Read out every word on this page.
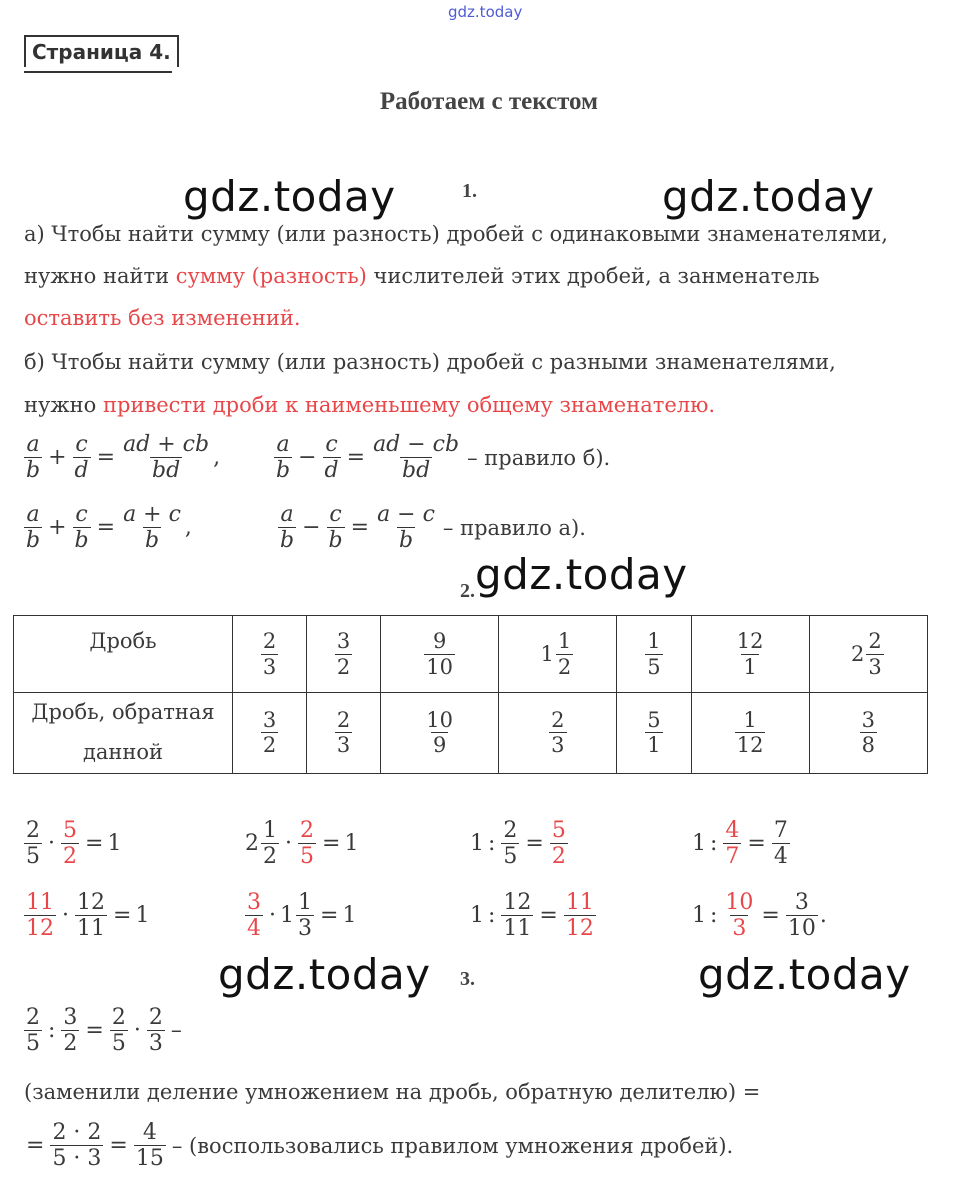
gdz.today
Страница 4.
Работаем с текстом
gdz.today	gdz.today
gdz.today
gdz.today	gdz.today
1.
а) Чтобы найти сумму (или разность) дробей с одинаковыми знаменателями,
нужно найти сумму (разность) числителей этих дробей, а занменатель
оставить без изменений.
б) Чтобы найти сумму (или разность) дробей с разными знаменателями,
нужно привести дроби к наименьшему общему знаменателю.
$\frac{a}{b} + \frac{c}{d} = \frac{ad + cb}{bd}$ , $\frac{a}{b} - \frac{c}{d} = \frac{ad - cb}{bd}$ – правило б).
$\frac{a}{b} + \frac{c}{b} = \frac{a + c}{b}$ ,	$\frac{a}{b} - \frac{c}{b} = \frac{a - c}{b}$ – правило а).
2.
Дробь	$\frac{2}{3}$	$\frac{3}{2}$	$\frac{9}{10}$	$1 \frac{1}{2}$	$\frac{1}{5}$	$\frac{12}{1}$	$2 \frac{2}{3}$

Дробь, обратная
данной	$\frac{3}{2}$	$\frac{2}{3}$	$\frac{10}{9}$	$\frac{2}{3}$	$\frac{5}{1}$	$\frac{1}{12}$	$\frac{3}{8}$
$\frac{2}{5} \cdot \frac{5}{2} = 1$	$2 \frac{1}{2} \cdot \frac{2}{5} = 1$	1 : $\frac{2}{5} = \frac{5}{2}$	1 : $\frac{4}{7} = \frac{7}{4}$
$\frac{11}{12} \cdot \frac{12}{11} = 1$	$\frac{3}{4} \cdot 1 \frac{1}{3} = 1$	1 : $\frac{12}{11} = \frac{11}{12}$	1 : $\frac{10}{3} = \frac{3}{10}$ .
3.
$\frac{2}{5}$ : $\frac{3}{2} = \frac{2}{5} \cdot \frac{2}{3}$ –
(заменили деление умножением на дробь, обратную делителю) =
= $\frac{2 \cdot 2}{5 \cdot 3} = \frac{4}{15}$ – (воспользовались правилом умножения дробей).
